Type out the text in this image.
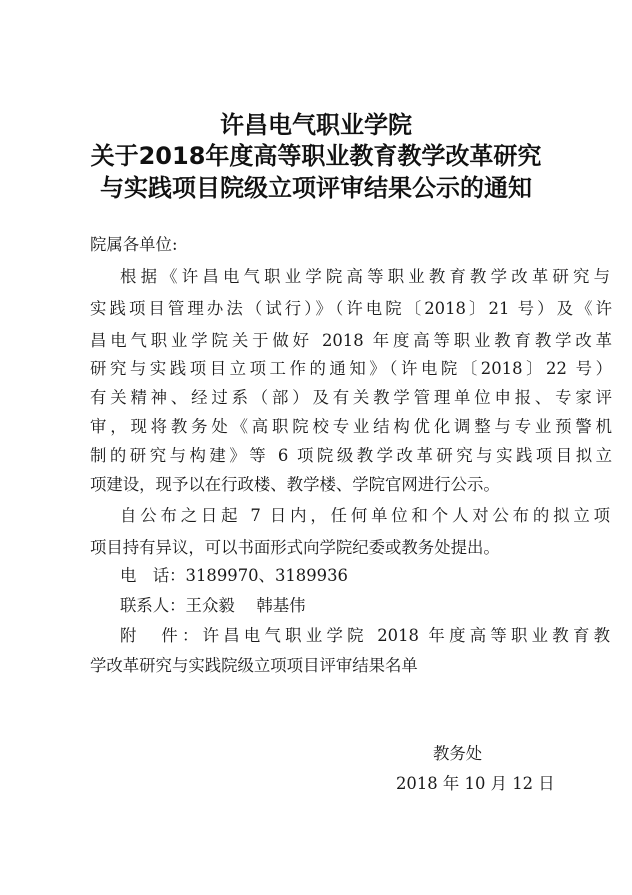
许昌电气职业学院
关于2018年度高等职业教育教学改革研究
与实践项目院级立项评审结果公示的通知
院属各单位:
根据《许昌电气职业学院高等职业教育教学改革研究与
实践项目管理办法（试行）》（许电院〔2018〕21 号）及《许
昌电气职业学院关于做好 2018 年度高等职业教育教学改革
研究与实践项目立项工作的通知》（许电院〔2018〕22 号）
有关精神、经过系（部）及有关教学管理单位申报、专家评
审，现将教务处《高职院校专业结构优化调整与专业预警机
制的研究与构建》等 6 项院级教学改革研究与实践项目拟立
项建设，现予以在行政楼、教学楼、学院官网进行公示。
自公布之日起 7 日内，任何单位和个人对公布的拟立项
项目持有异议，可以书面形式向学院纪委或教务处提出。
电　话：3189970、3189936
联系人：王众毅　 韩基伟
附　件：许昌电气职业学院 2018 年度高等职业教育教
学改革研究与实践院级立项项目评审结果名单
教务处
2018 年 10 月 12 日
